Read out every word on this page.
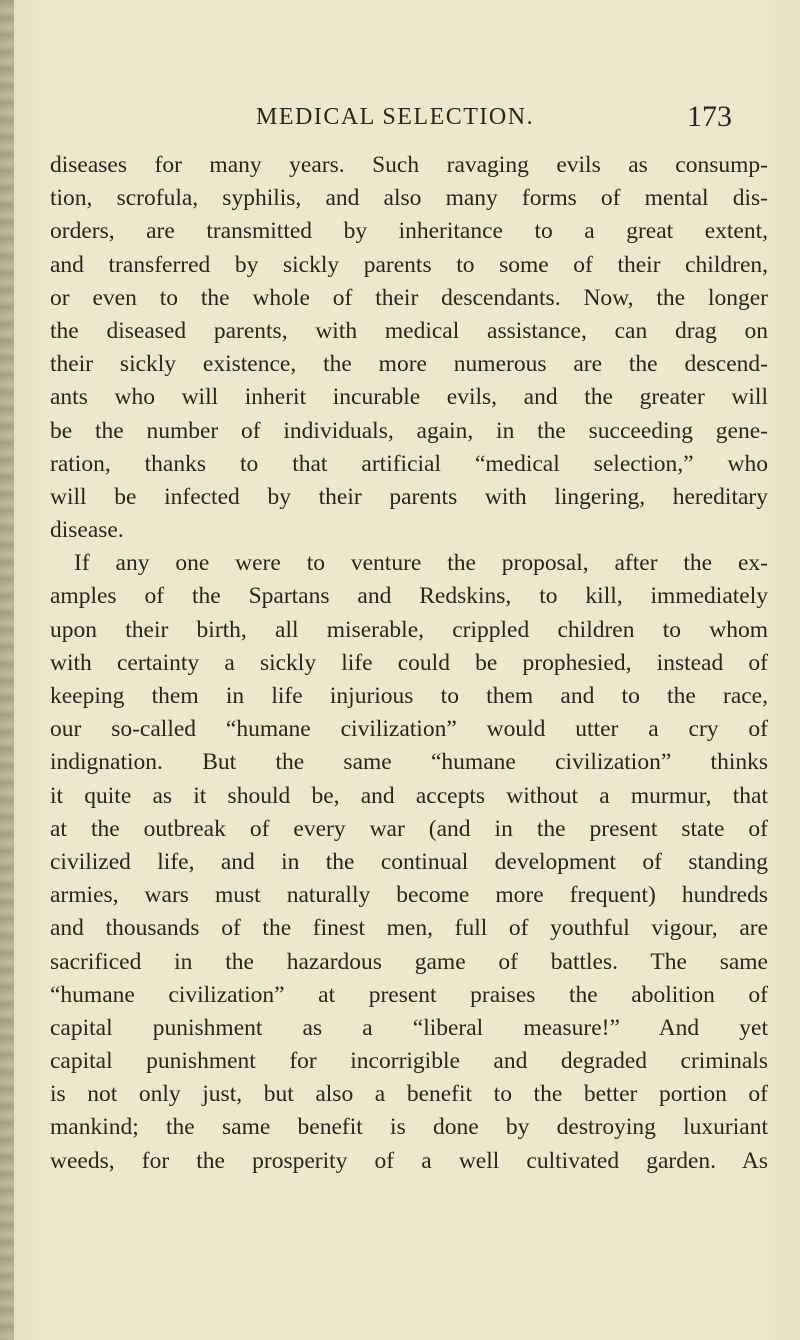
MEDICAL SELECTION.	173
diseases for many years. Such ravaging evils as consump-
tion, scrofula, syphilis, and also many forms of mental dis-
orders, are transmitted by inheritance to a great extent,
and transferred by sickly parents to some of their children,
or even to the whole of their descendants. Now, the longer
the diseased parents, with medical assistance, can drag on
their sickly existence, the more numerous are the descend-
ants who will inherit incurable evils, and the greater will
be the number of individuals, again, in the succeeding gene-
ration, thanks to that artificial “medical selection,” who
will be infected by their parents with lingering, hereditary
disease.
If any one were to venture the proposal, after the ex-
amples of the Spartans and Redskins, to kill, immediately
upon their birth, all miserable, crippled children to whom
with certainty a sickly life could be prophesied, instead of
keeping them in life injurious to them and to the race,
our so-called “humane civilization” would utter a cry of
indignation. But the same “humane civilization” thinks
it quite as it should be, and accepts without a murmur, that
at the outbreak of every war (and in the present state of
civilized life, and in the continual development of standing
armies, wars must naturally become more frequent) hundreds
and thousands of the finest men, full of youthful vigour, are
sacrificed in the hazardous game of battles. The same
“humane civilization” at present praises the abolition of
capital punishment as a “liberal measure!” And yet
capital punishment for incorrigible and degraded criminals
is not only just, but also a benefit to the better portion of
mankind; the same benefit is done by destroying luxuriant
weeds, for the prosperity of a well cultivated garden. As
